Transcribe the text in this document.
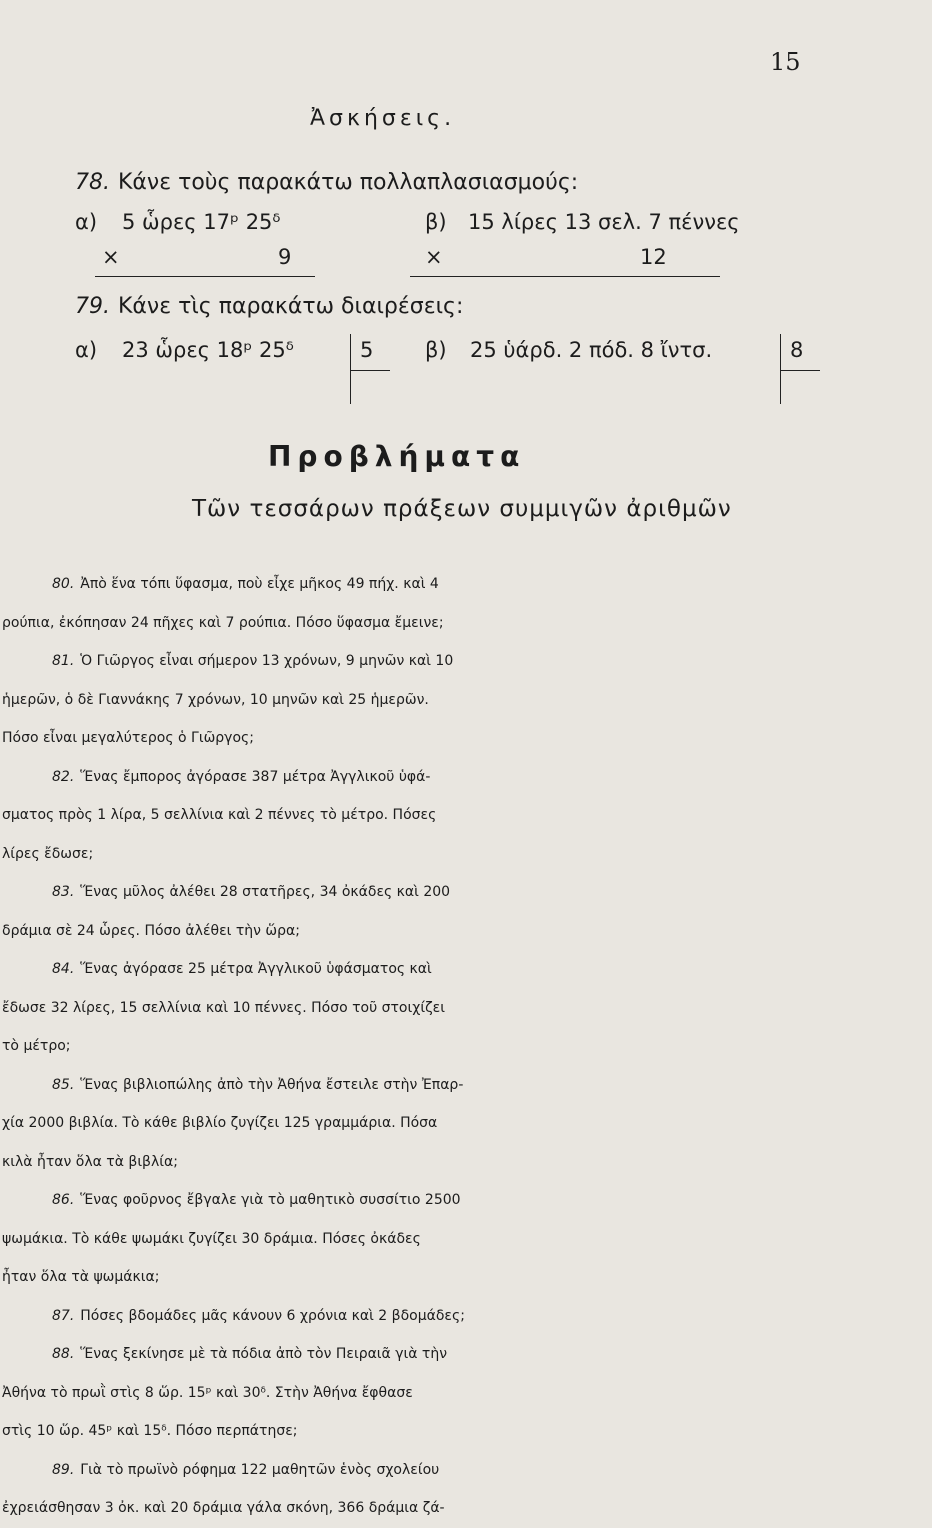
15
Ἀσκήσεις.
78. Κάνε τοὺς παρακάτω πολλαπλασιασμούς:
α) 5 ὧρες 17ᵖ 25ᵟ
×	9
β) 15 λίρες 13 σελ. 7 πέννες
×	12
79. Κάνε τὶς παρακάτω διαιρέσεις:
α) 23 ὧρες 18ᵖ 25ᵟ	5 β) 25 ὑάρδ. 2 πόδ. 8 ἴντσ.	8
Προβλήματα
Τῶν τεσσάρων πράξεων συμμιγῶν ἀριθμῶν
80. Ἀπὸ ἕνα τόπι ὕφασμα, ποὺ εἶχε μῆκος 49 πήχ. καὶ 4
ρούπια, ἐκόπησαν 24 πῆχες καὶ 7 ρούπια. Πόσο ὕφασμα ἔμεινε;
81. Ὁ Γιῶργος εἶναι σήμερον 13 χρόνων, 9 μηνῶν καὶ 10
ἡμερῶν, ὁ δὲ Γιαννάκης 7 χρόνων, 10 μηνῶν καὶ 25 ἡμερῶν.
Πόσο εἶναι μεγαλύτερος ὁ Γιῶργος;
82. Ἕνας ἔμπορος ἀγόρασε 387 μέτρα Ἀγγλικοῦ ὑφά-
σματος πρὸς 1 λίρα, 5 σελλίνια καὶ 2 πέννες τὸ μέτρο. Πόσες
λίρες ἔδωσε;
83. Ἕνας μῦλος ἀλέθει 28 στατῆρες, 34 ὀκάδες καὶ 200
δράμια σὲ 24 ὧρες. Πόσο ἀλέθει τὴν ὥρα;
84. Ἕνας ἀγόρασε 25 μέτρα Ἀγγλικοῦ ὑφάσματος καὶ
ἔδωσε 32 λίρες, 15 σελλίνια καὶ 10 πέννες. Πόσο τοῦ στοιχίζει
τὸ μέτρο;
85. Ἕνας βιβλιοπώλης ἀπὸ τὴν Ἀθήνα ἔστειλε στὴν Ἐπαρ-
χία 2000 βιβλία. Τὸ κάθε βιβλίο ζυγίζει 125 γραμμάρια. Πόσα
κιλὰ ἦταν ὅλα τὰ βιβλία;
86. Ἕνας φοῦρνος ἔβγαλε γιὰ τὸ μαθητικὸ συσσίτιο 2500
ψωμάκια. Τὸ κάθε ψωμάκι ζυγίζει 30 δράμια. Πόσες ὀκάδες
ἦταν ὅλα τὰ ψωμάκια;
87. Πόσες βδομάδες μᾶς κάνουν 6 χρόνια καὶ 2 βδομάδες;
88. Ἕνας ξεκίνησε μὲ τὰ πόδια ἀπὸ τὸν Πειραιᾶ γιὰ τὴν
Ἀθήνα τὸ πρωῒ στὶς 8 ὥρ. 15ᵖ καὶ 30ᵟ. Στὴν Ἀθήνα ἔφθασε
στὶς 10 ὥρ. 45ᵖ καὶ 15ᵟ. Πόσο περπάτησε;
89. Γιὰ τὸ πρωϊνὸ ρόφημα 122 μαθητῶν ἑνὸς σχολείου
ἐχρειάσθησαν 3 ὀκ. καὶ 20 δράμια γάλα σκόνη, 366 δράμια ζά-
